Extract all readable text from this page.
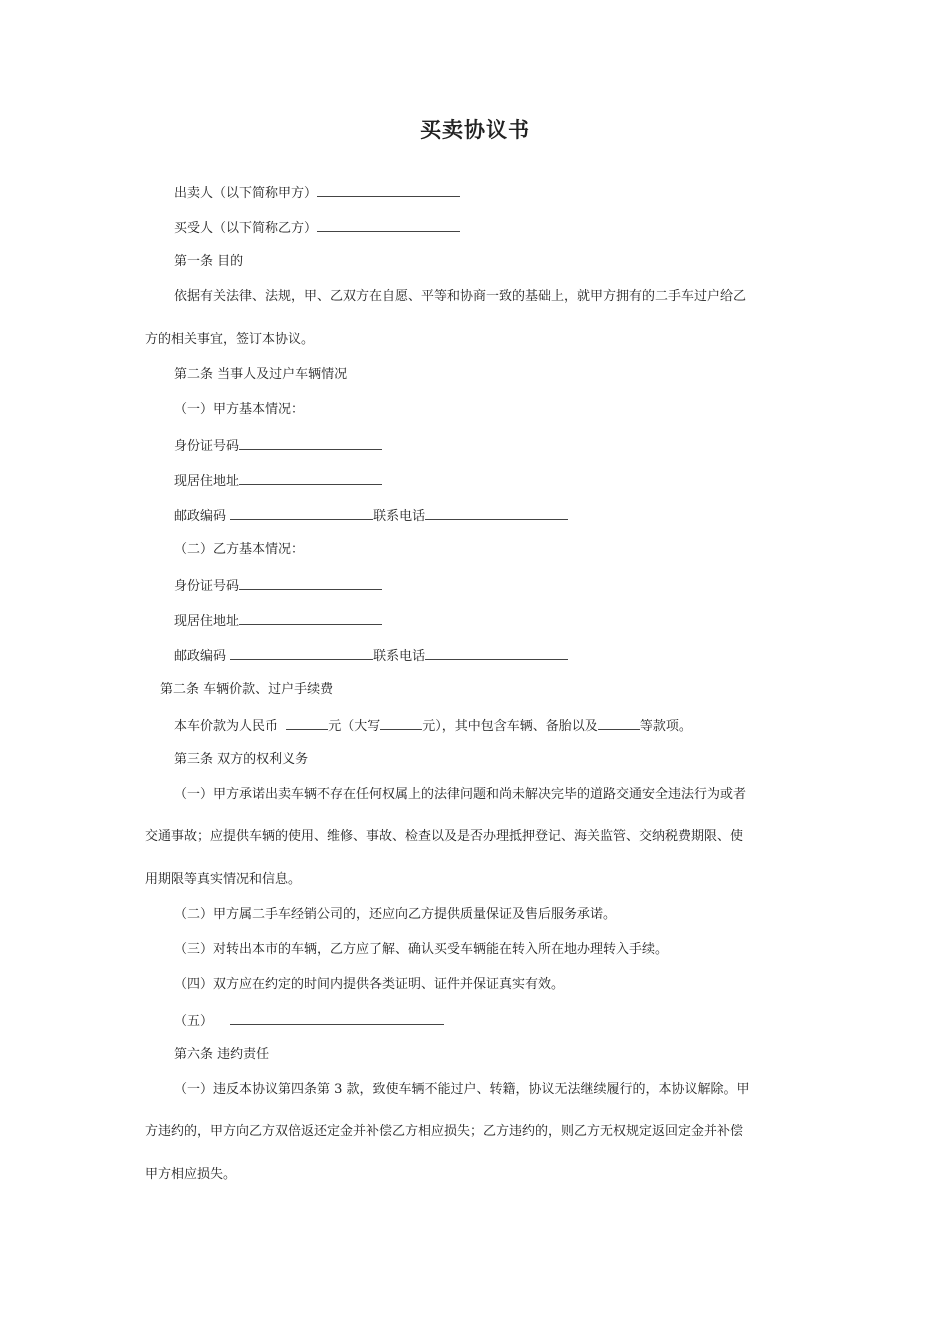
买卖协议书
出卖人（以下简称甲方）
买受人（以下简称乙方）
第一条 目的
依据有关法律、法规，甲、乙双方在自愿、平等和协商一致的基础上，就甲方拥有的二手车过户给乙
方的相关事宜，签订本协议。
第二条 当事人及过户车辆情况
（一）甲方基本情况：
身份证号码
现居住地址
邮政编码	联系电话
（二）乙方基本情况：
身份证号码
现居住地址
邮政编码	联系电话
第二条 车辆价款、过户手续费
本车价款为人民币	元（大写	元），其中包含车辆、备胎以及	等款项。
第三条 双方的权利义务
（一）甲方承诺出卖车辆不存在任何权属上的法律问题和尚未解决完毕的道路交通安全违法行为或者
交通事故；应提供车辆的使用、维修、事故、检查以及是否办理抵押登记、海关监管、交纳税费期限、使
用期限等真实情况和信息。
（二）甲方属二手车经销公司的，还应向乙方提供质量保证及售后服务承诺。
（三）对转出本市的车辆，乙方应了解、确认买受车辆能在转入所在地办理转入手续。
（四）双方应在约定的时间内提供各类证明、证件并保证真实有效。
（五）
第六条 违约责任
（一）违反本协议第四条第 3 款，致使车辆不能过户、转籍，协议无法继续履行的，本协议解除。甲
方违约的，甲方向乙方双倍返还定金并补偿乙方相应损失；乙方违约的，则乙方无权规定返回定金并补偿
甲方相应损失。
